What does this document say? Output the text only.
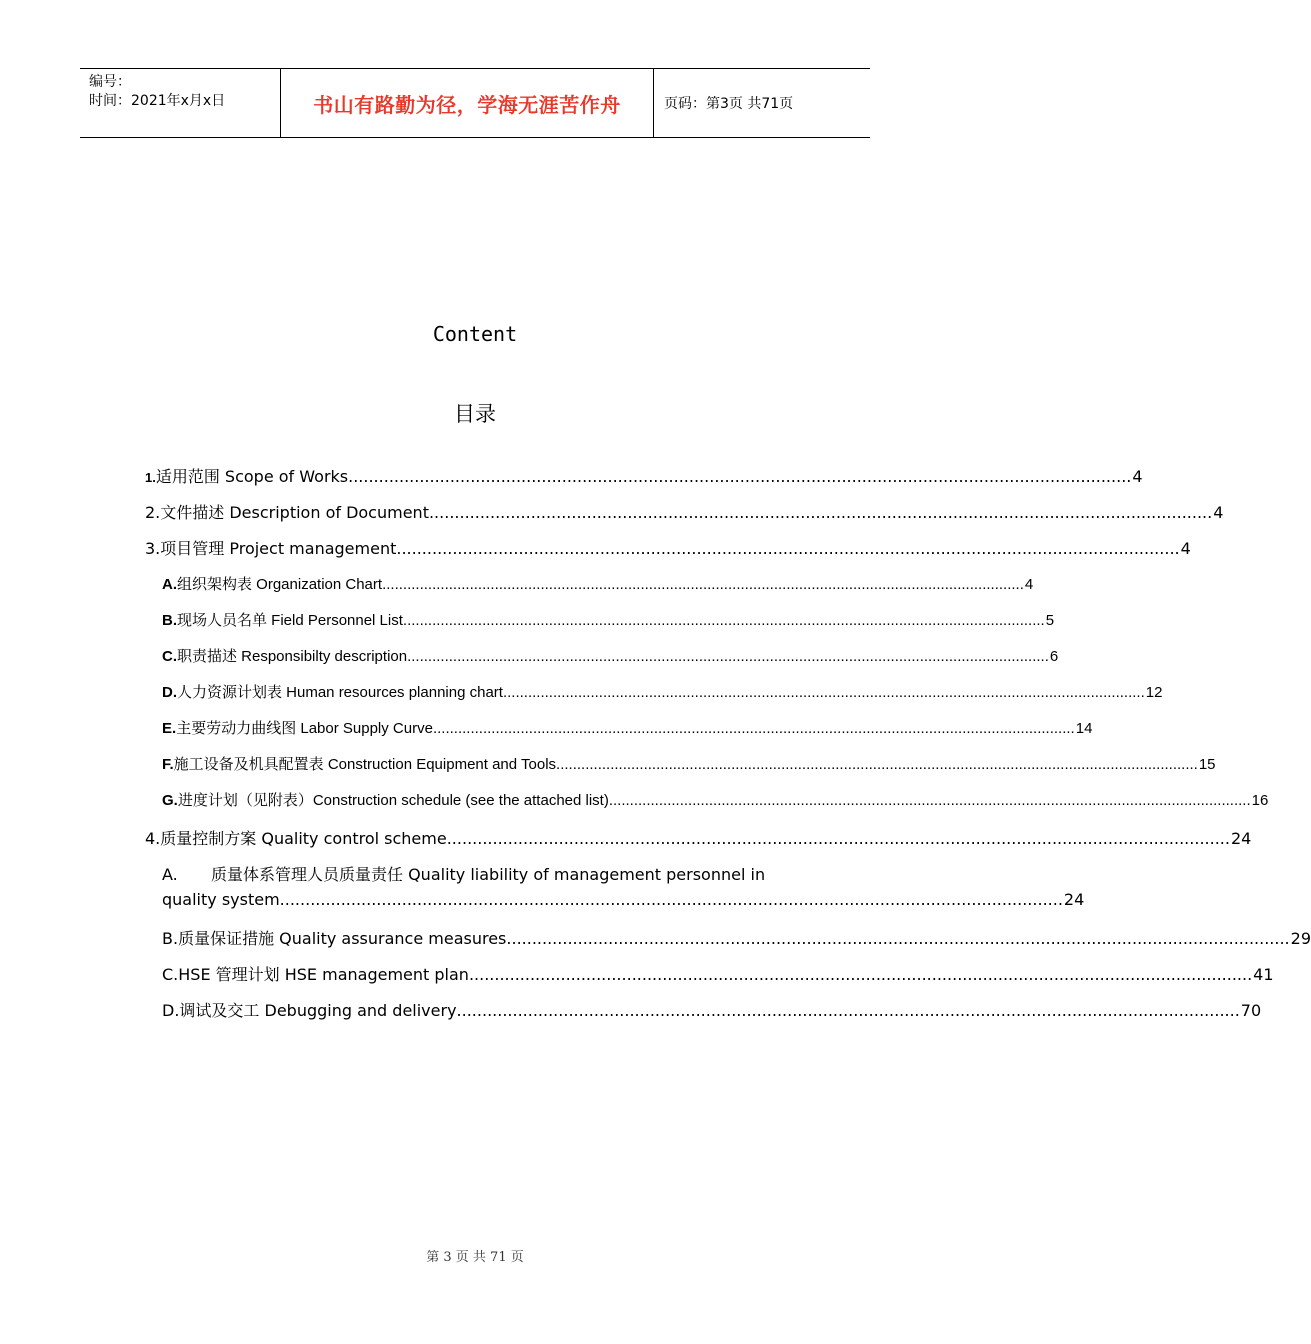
编号：
时间：2021年x月x日	书山有路勤为径，学海无涯苦作舟	页码：第3页 共71页
Content
目录
1. 适用范围 Scope of Works .......................................................................................................................................................... 4
2. 文件描述 Description of Document .......................................................................................................................................................... 4
3. 项目管理 Project management .......................................................................................................................................................... 4
A. 组织架构表 Organization Chart .......................................................................................................................................................... 4
B. 现场人员名单 Field Personnel List .......................................................................................................................................................... 5
C. 职责描述 Responsibilty description .......................................................................................................................................................... 6
D. 人力资源计划表 Human resources planning chart .......................................................................................................................................................... 12
E. 主要劳动力曲线图 Labor Supply Curve .......................................................................................................................................................... 14
F. 施工设备及机具配置表 Construction Equipment and Tools .......................................................................................................................................................... 15
G. 进度计划（见附表）Construction schedule (see the attached list) .......................................................................................................................................................... 16
4. 质量控制方案 Quality control scheme .......................................................................................................................................................... 24
A.	质量体系管理人员质量责任 Quality liability of management personnel in
quality system .......................................................................................................................................................... 24
B. 质量保证措施 Quality assurance measures .......................................................................................................................................................... 29
C. HSE 管理计划 HSE management plan .......................................................................................................................................................... 41
D. 调试及交工 Debugging and delivery .......................................................................................................................................................... 70
第 3 页 共 71 页
